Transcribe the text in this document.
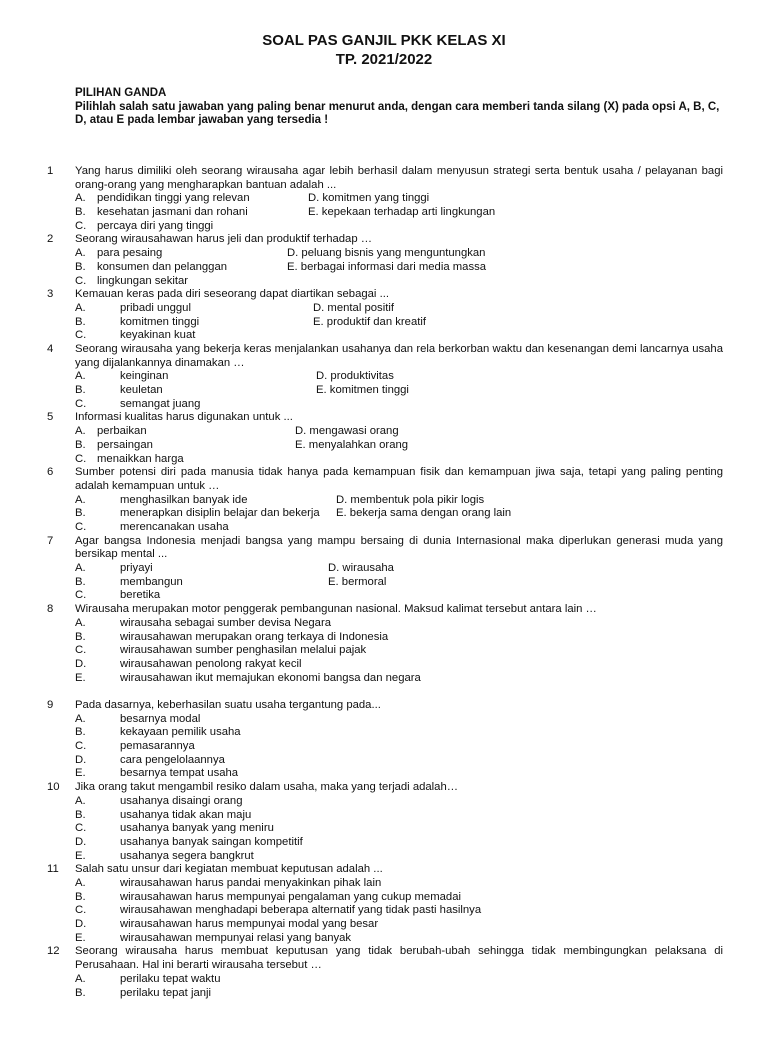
SOAL PAS GANJIL PKK KELAS XI
TP. 2021/2022
PILIHAN GANDA
Pilihlah salah satu jawaban yang paling benar menurut anda, dengan cara memberi tanda silang (X) pada opsi A, B, C, D, atau E pada lembar jawaban yang tersedia !
1 Yang harus dimiliki oleh seorang wirausaha agar lebih berhasil dalam menyusun strategi serta bentuk usaha / pelayanan bagi orang-orang yang mengharapkan bantuan adalah ...
A. pendidikan tinggi yang relevan	D. komitmen yang tinggi
B. kesehatan jasmani dan rohani	E. kepekaan terhadap arti lingkungan
C. percaya diri yang tinggi
2 Seorang wirausahawan harus jeli dan produktif terhadap …
A. para pesaing	D. peluang bisnis yang menguntungkan
B. konsumen dan pelanggan	E. berbagai informasi dari media massa
C. lingkungan sekitar
3 Kemauan keras pada diri seseorang dapat diartikan sebagai ...
A.	pribadi unggul	D. mental positif
B.	komitmen tinggi	E. produktif dan kreatif
C.	keyakinan kuat
4 Seorang wirausaha yang bekerja keras menjalankan usahanya dan rela berkorban waktu dan kesenangan demi lancarnya usaha yang dijalankannya dinamakan …
A.	keinginan	D. produktivitas
B.	keuletan	E. komitmen tinggi
C.	semangat juang
5 Informasi kualitas harus digunakan untuk ...
A. perbaikan	D. mengawasi orang
B. persaingan	E. menyalahkan orang
C. menaikkan harga
6 Sumber potensi diri pada manusia tidak hanya pada kemampuan fisik dan kemampuan jiwa saja, tetapi yang paling penting adalah kemampuan untuk …
A.	menghasilkan banyak ide	D. membentuk pola pikir logis
B.	menerapkan disiplin belajar dan bekerja E. bekerja sama dengan orang lain
C.	merencanakan usaha
7 Agar bangsa Indonesia menjadi bangsa yang mampu bersaing di dunia Internasional maka diperlukan generasi muda yang bersikap mental ...
A.	priyayi	D. wirausaha
B.	membangun	E. bermoral
C.	beretika
8 Wirausaha merupakan motor penggerak pembangunan nasional. Maksud kalimat tersebut antara lain …
A.	wirausaha sebagai sumber devisa Negara
B.	wirausahawan merupakan orang terkaya di Indonesia
C.	wirausahawan sumber penghasilan melalui pajak
D.	wirausahawan penolong rakyat kecil
E.	wirausahawan ikut memajukan ekonomi bangsa dan negara
9 Pada dasarnya, keberhasilan suatu usaha tergantung pada...
A.	besarnya modal
B.	kekayaan pemilik usaha
C.	pemasarannya
D.	cara pengelolaannya
E.	besarnya tempat usaha
10 Jika orang takut mengambil resiko dalam usaha, maka yang terjadi adalah…
A.	usahanya disaingi orang
B.	usahanya tidak akan maju
C.	usahanya banyak yang meniru
D.	usahanya banyak saingan kompetitif
E.	usahanya segera bangkrut
11 Salah satu unsur dari kegiatan membuat keputusan adalah ...
A.	wirausahawan harus pandai menyakinkan pihak lain
B.	wirausahawan harus mempunyai pengalaman yang cukup memadai
C.	wirausahawan menghadapi beberapa alternatif yang tidak pasti hasilnya
D.	wirausahawan harus mempunyai modal yang besar
E.	wirausahawan mempunyai relasi yang banyak
12 Seorang wirausaha harus membuat keputusan yang tidak berubah-ubah sehingga tidak membingungkan pelaksana di Perusahaan. Hal ini berarti wirausaha tersebut …
A.	perilaku tepat waktu
B.	perilaku tepat janji
